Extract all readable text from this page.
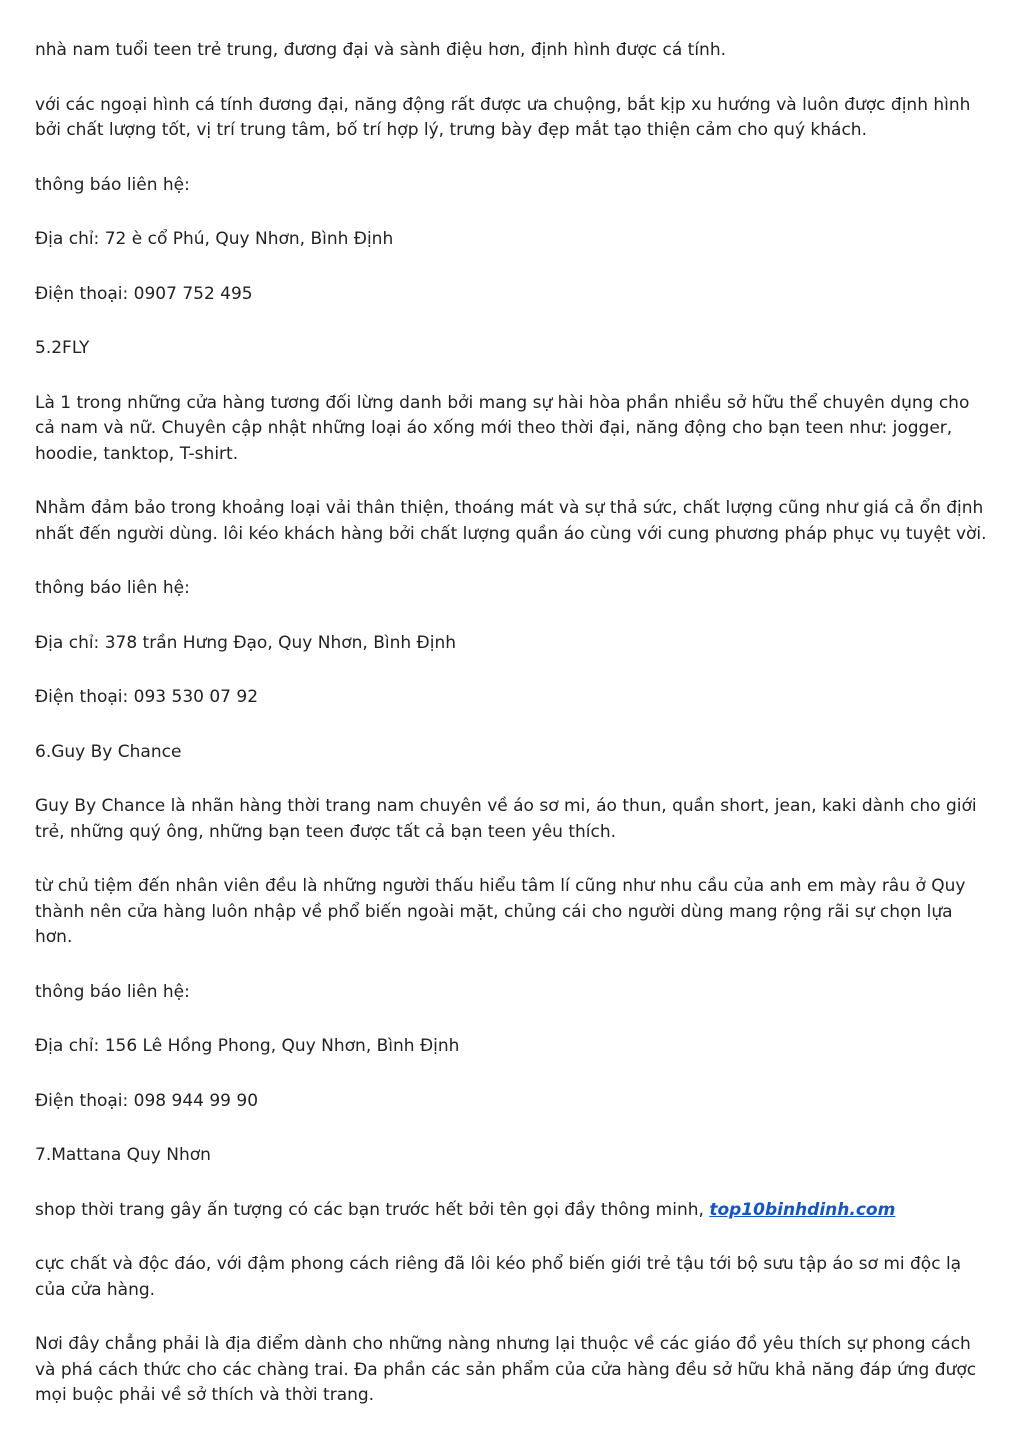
nhà nam tuổi teen trẻ trung, đương đại và sành điệu hơn, định hình được cá tính.

với các ngoại hình cá tính đương đại, năng động rất được ưa chuộng, bắt kịp xu hướng và luôn được định hình bởi chất lượng tốt, vị trí trung tâm, bố trí hợp lý, trưng bày đẹp mắt tạo thiện cảm cho quý khách.

thông báo liên hệ:

Địa chỉ: 72 è cổ Phú, Quy Nhơn, Bình Định

Điện thoại: 0907 752 495

5.2FLY

Là 1 trong những cửa hàng tương đối lừng danh bởi mang sự hài hòa phần nhiều sở hữu thể chuyên dụng cho cả nam và nữ. Chuyên cập nhật những loại áo xống mới theo thời đại, năng động cho bạn teen như: jogger, hoodie, tanktop, T-shirt.

Nhằm đảm bảo trong khoảng loại vải thân thiện, thoáng mát và sự thả sức, chất lượng cũng như giá cả ổn định nhất đến người dùng. lôi kéo khách hàng bởi chất lượng quần áo cùng với cung phương pháp phục vụ tuyệt vời.

thông báo liên hệ:

Địa chỉ: 378 trần Hưng Đạo, Quy Nhơn, Bình Định

Điện thoại: 093 530 07 92

6.Guy By Chance

Guy By Chance là nhãn hàng thời trang nam chuyên về áo sơ mi, áo thun, quần short, jean, kaki dành cho giới trẻ, những quý ông, những bạn teen được tất cả bạn teen yêu thích.

từ chủ tiệm đến nhân viên đều là những người thấu hiểu tâm lí cũng như nhu cầu của anh em mày râu ở Quy thành nên cửa hàng luôn nhập về phổ biến ngoài mặt, chủng cái cho người dùng mang rộng rãi sự chọn lựa hơn.

thông báo liên hệ:

Địa chỉ: 156 Lê Hồng Phong, Quy Nhơn, Bình Định

Điện thoại: 098 944 99 90

7.Mattana Quy Nhơn

shop thời trang gây ấn tượng có các bạn trước hết bởi tên gọi đầy thông minh, top10binhdinh.com

cực chất và độc đáo, với đậm phong cách riêng đã lôi kéo phổ biến giới trẻ tậu tới bộ sưu tập áo sơ mi độc lạ của cửa hàng.

Nơi đây chẳng phải là địa điểm dành cho những nàng nhưng lại thuộc về các giáo đồ yêu thích sự phong cách và phá cách thức cho các chàng trai. Đa phần các sản phẩm của cửa hàng đều sở hữu khả năng đáp ứng được mọi buộc phải về sở thích và thời trang.
